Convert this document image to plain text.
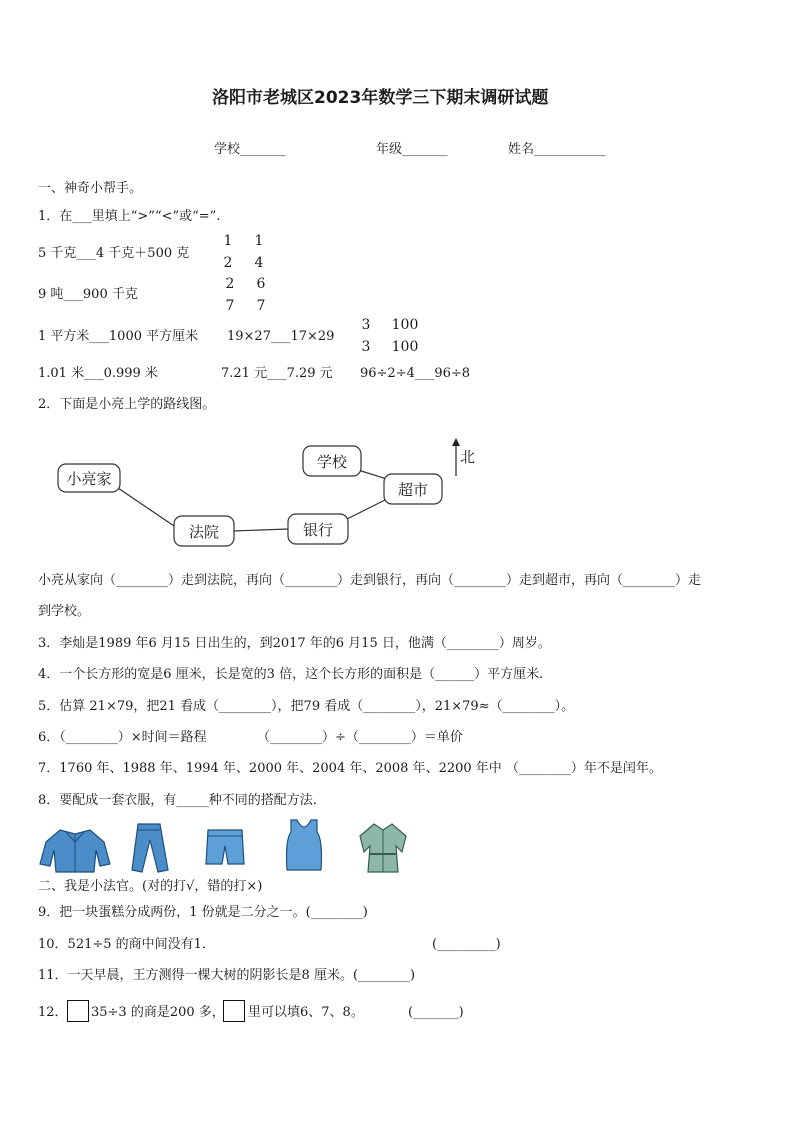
洛阳市老城区2023年数学三下期末调研试题
学校_______	年级_______	姓名___________
一、神奇小帮手。
1．在___里填上“>”“<”或“=”.
5 千克___4 千克＋500 克
9 吨___900 千克
1 平方米___1000 平方厘米 19×27___17×29
1.01 米___0.999 米	7.21 元___7.29 元 96÷2÷4___96÷8
1
2
1
4
2
7
6
7
3
3
100
100
2．下面是小亮上学的路线图。
小亮家
法院	银行
学校
超市
北
小亮从家向（________）走到法院，再向（________）走到银行，再向（________）走到超市，再向（________）走
到学校。
3．李灿是1989 年6 月15 日出生的，到2017 年的6 月15 日，他满（________）周岁。
4．一个长方形的宽是6 厘米，长是宽的3 倍，这个长方形的面积是（______）平方厘米.
5．估算 21×79，把21 看成（________），把79 看成（________），21×79≈（________）。
6．（________）×时间＝路程	（________）÷（________）＝单价
7．1760 年、1988 年、1994 年、2000 年、2004 年、2008 年、2200 年中 （________）年不是闰年。
8．要配成一套衣服，有_____种不同的搭配方法.
二、我是小法官。(对的打√，错的打×)
9．把一块蛋糕分成两份，1 份就是二分之一。(________)
10．521÷5 的商中间没有1．	(_________)
11．一天早晨，王方测得一棵大树的阴影长是8 厘米。(________)
12． 35÷3 的商是200 多， 里可以填6、7、8。	(_______)
